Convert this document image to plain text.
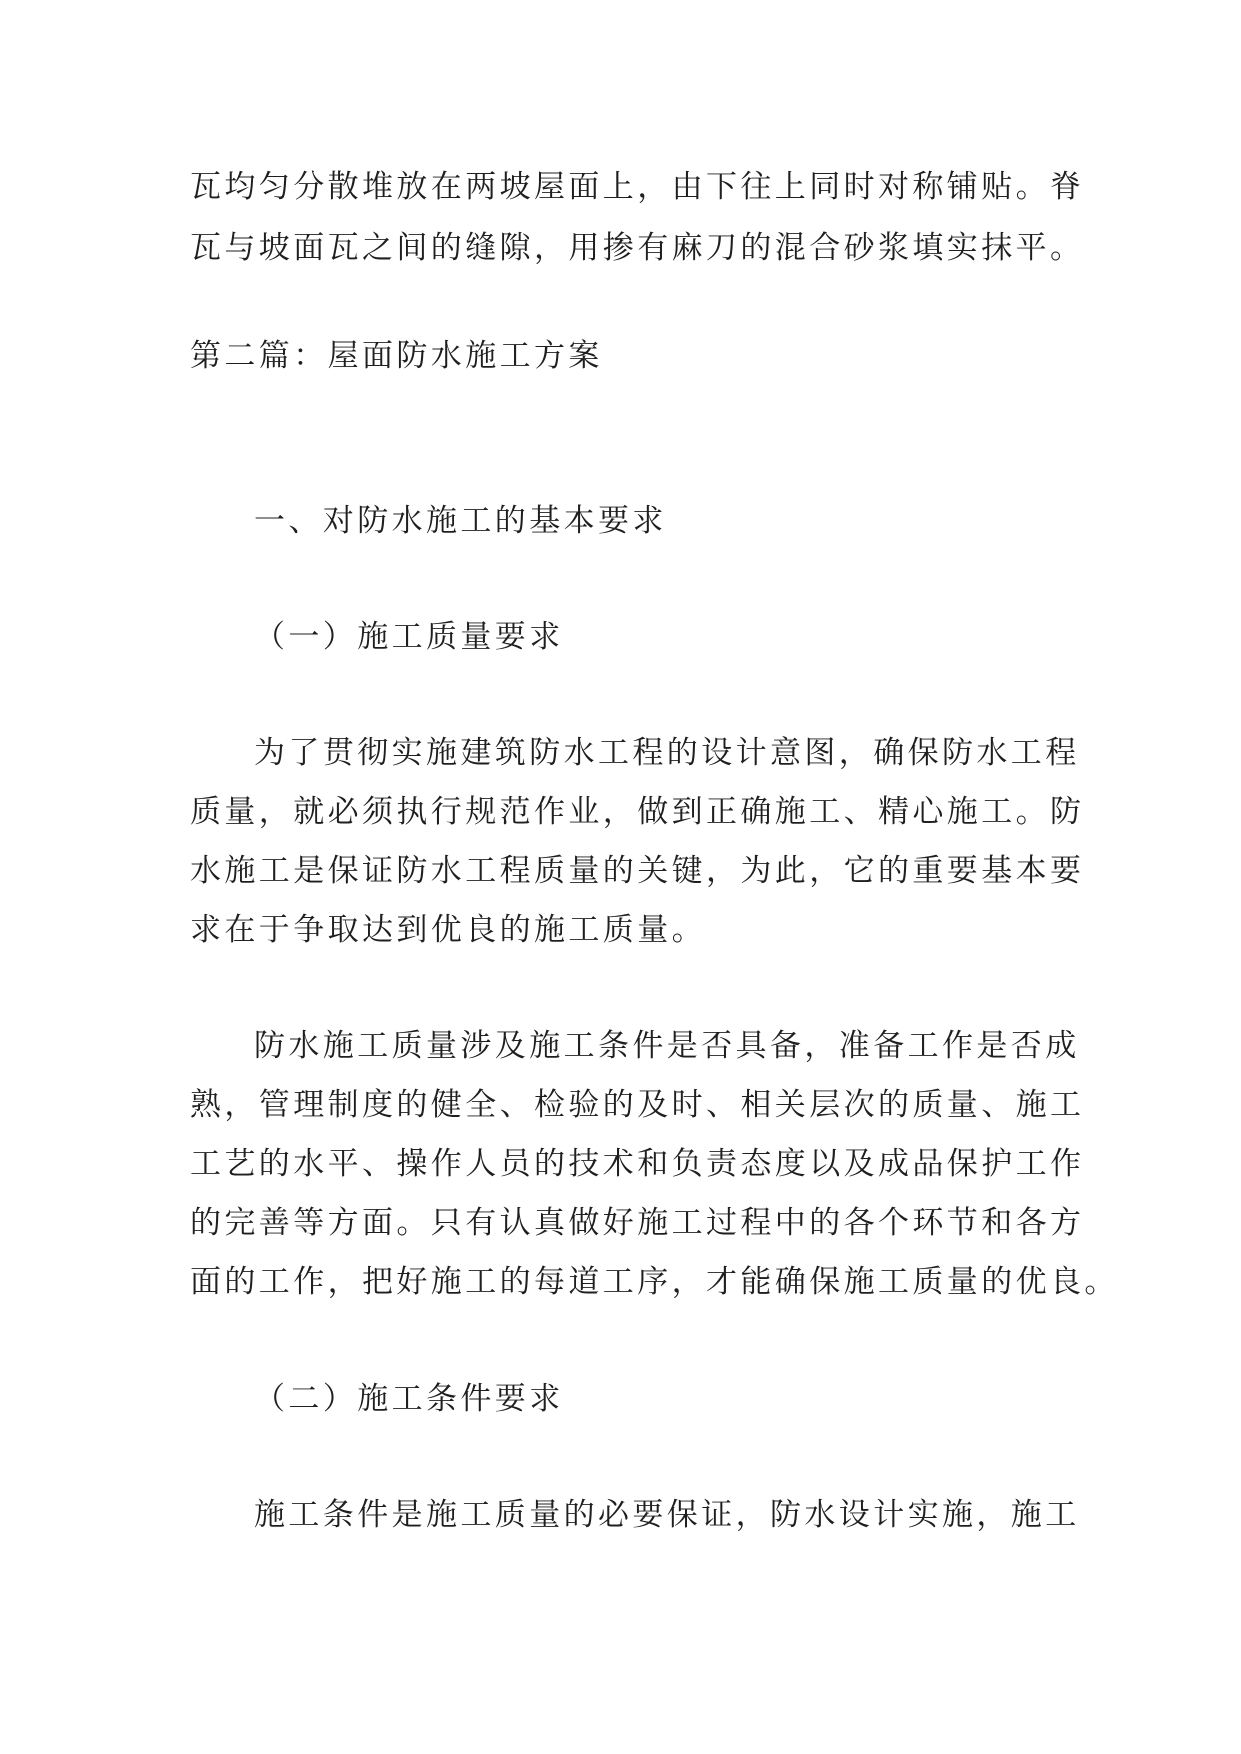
瓦均匀分散堆放在两坡屋面上，由下往上同时对称铺贴。脊
瓦与坡面瓦之间的缝隙，用掺有麻刀的混合砂浆填实抹平。
第二篇：屋面防水施工方案
一、对防水施工的基本要求
（一）施工质量要求
为了贯彻实施建筑防水工程的设计意图，确保防水工程
质量，就必须执行规范作业，做到正确施工、精心施工。防
水施工是保证防水工程质量的关键，为此，它的重要基本要
求在于争取达到优良的施工质量。
防水施工质量涉及施工条件是否具备，准备工作是否成
熟，管理制度的健全、检验的及时、相关层次的质量、施工
工艺的水平、操作人员的技术和负责态度以及成品保护工作
的完善等方面。只有认真做好施工过程中的各个环节和各方
面的工作，把好施工的每道工序，才能确保施工质量的优良。
（二）施工条件要求
施工条件是施工质量的必要保证，防水设计实施，施工
